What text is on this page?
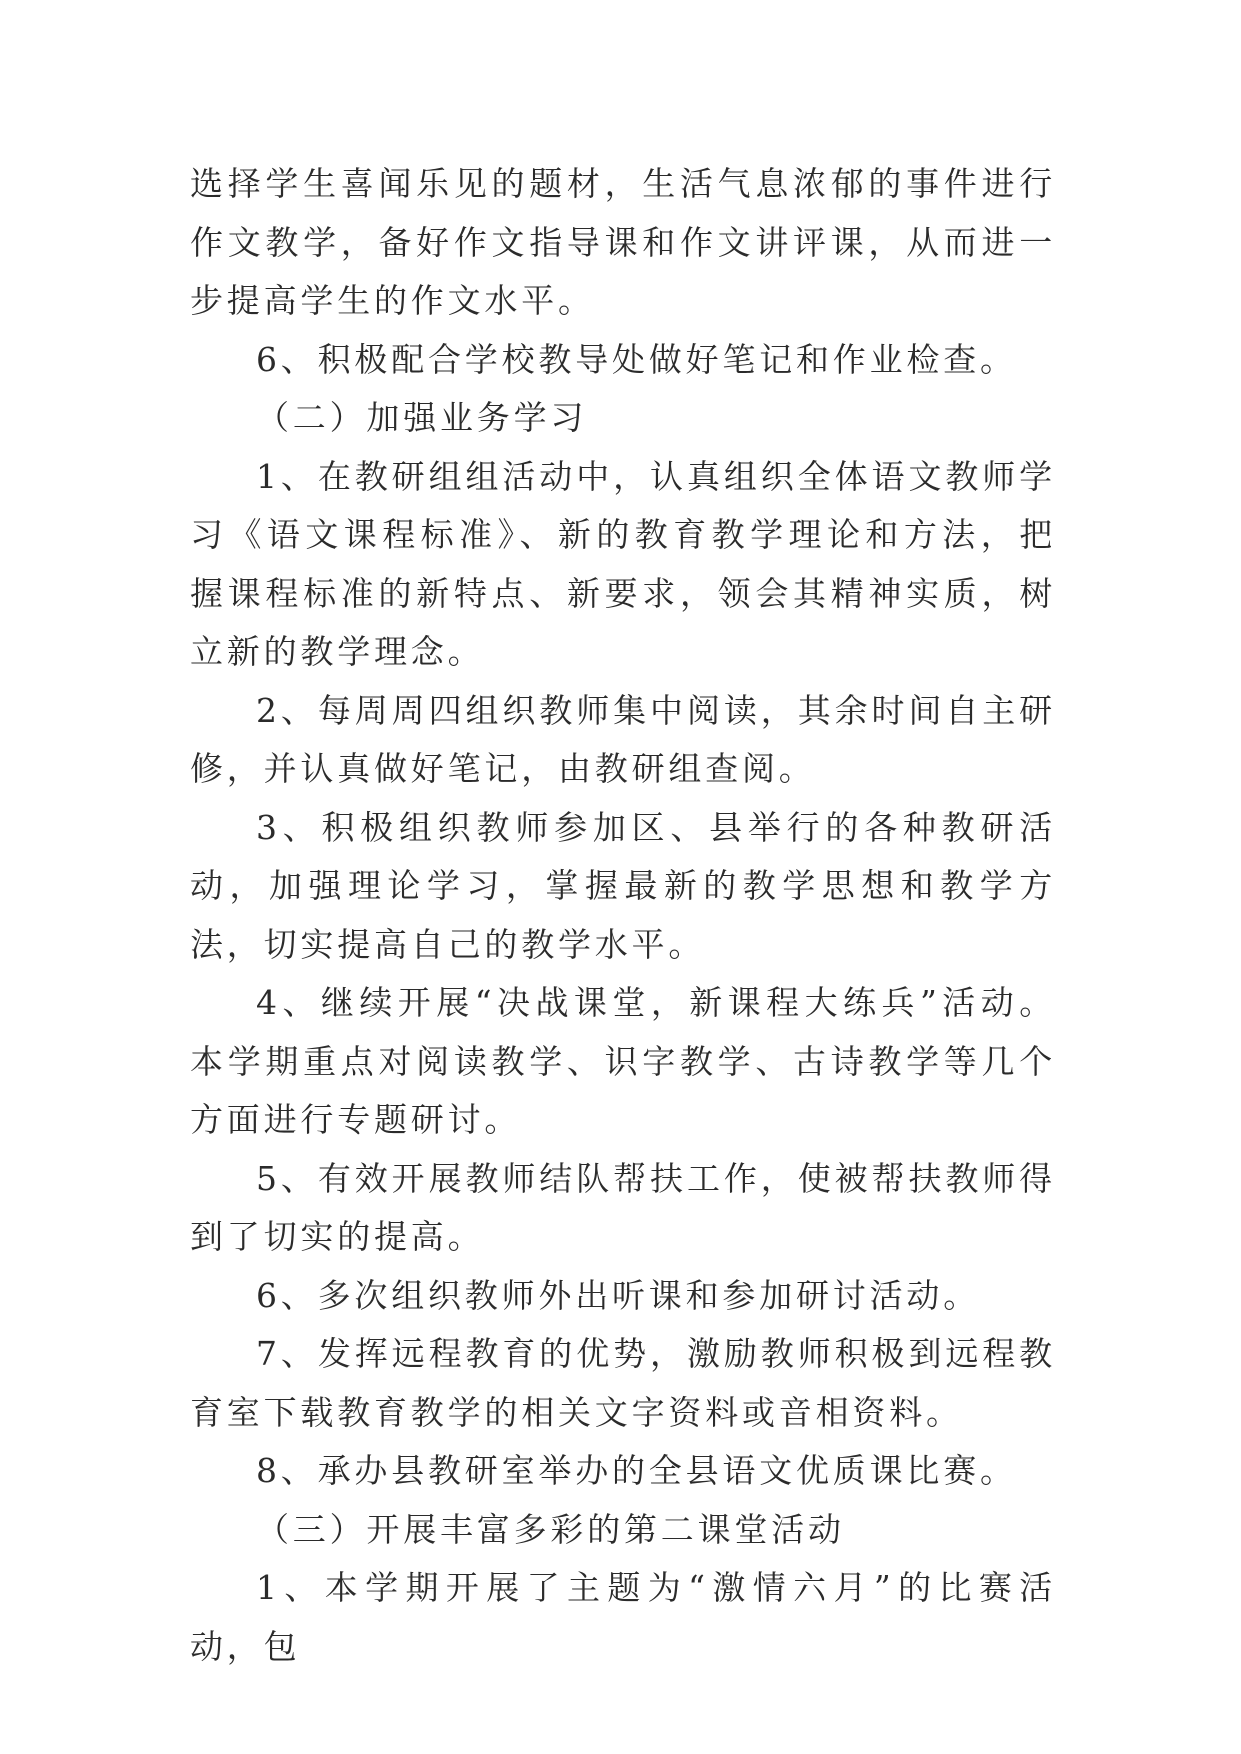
选择学生喜闻乐见的题材，生活气息浓郁的事件进行作文教学，备好作文指导课和作文讲评课，从而进一步提高学生的作文水平。

6、积极配合学校教导处做好笔记和作业检查。

（二）加强业务学习

1、在教研组组活动中，认真组织全体语文教师学习《语文课程标准》、新的教育教学理论和方法，把握课程标准的新特点、新要求，领会其精神实质，树立新的教学理念。

2、每周周四组织教师集中阅读，其余时间自主研修，并认真做好笔记，由教研组查阅。

3、积极组织教师参加区、县举行的各种教研活动，加强理论学习，掌握最新的教学思想和教学方法，切实提高自己的教学水平。

4、继续开展“决战课堂，新课程大练兵”活动。本学期重点对阅读教学、识字教学、古诗教学等几个方面进行专题研讨。

5、有效开展教师结队帮扶工作，使被帮扶教师得到了切实的提高。

6、多次组织教师外出听课和参加研讨活动。

7、发挥远程教育的优势，激励教师积极到远程教育室下载教育教学的相关文字资料或音相资料。

8、承办县教研室举办的全县语文优质课比赛。

（三）开展丰富多彩的第二课堂活动

1、本学期开展了主题为“激情六月”的比赛活动，包
